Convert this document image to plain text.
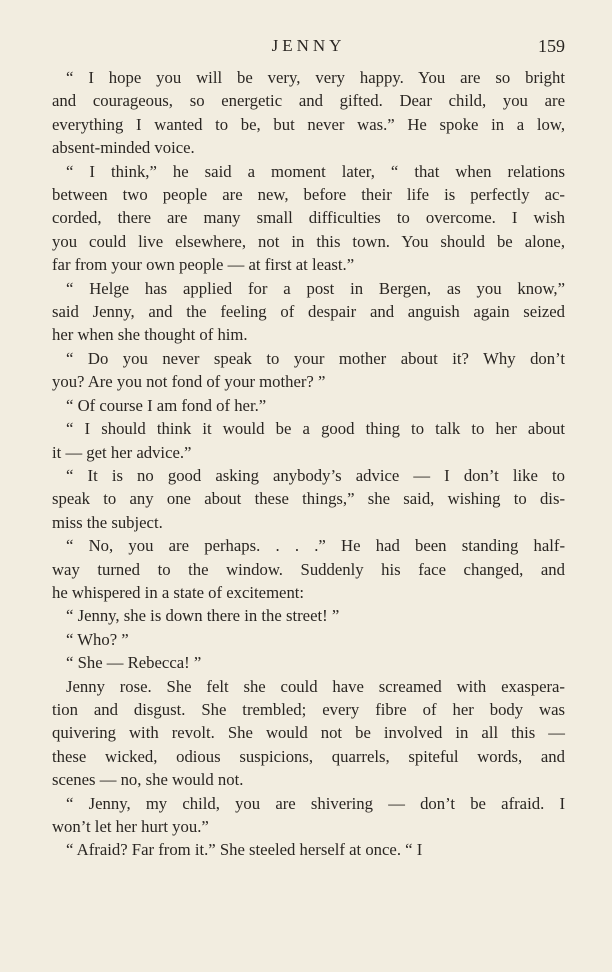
JENNY	159

“ I hope you will be very, very happy. You are so bright
and courageous, so energetic and gifted. Dear child, you are
everything I wanted to be, but never was.” He spoke in a low,
absent-minded voice.

“ I think,” he said a moment later, “ that when relations
between two people are new, before their life is perfectly ac-
corded, there are many small difficulties to overcome. I wish
you could live elsewhere, not in this town. You should be alone,
far from your own people — at first at least.”

“ Helge has applied for a post in Bergen, as you know,”
said Jenny, and the feeling of despair and anguish again seized
her when she thought of him.

“ Do you never speak to your mother about it? Why don’t
you? Are you not fond of your mother? ”

“ Of course I am fond of her.”

“ I should think it would be a good thing to talk to her about
it — get her advice.”

“ It is no good asking anybody’s advice — I don’t like to
speak to any one about these things,” she said, wishing to dis-
miss the subject.

“ No, you are perhaps. . . .” He had been standing half-
way turned to the window. Suddenly his face changed, and
he whispered in a state of excitement:

“ Jenny, she is down there in the street! ”

“ Who? ”

“ She — Rebecca! ”

Jenny rose. She felt she could have screamed with exaspera-
tion and disgust. She trembled; every fibre of her body was
quivering with revolt. She would not be involved in all this —
these wicked, odious suspicions, quarrels, spiteful words, and
scenes — no, she would not.

“ Jenny, my child, you are shivering — don’t be afraid. I
won’t let her hurt you.”

“ Afraid? Far from it.” She steeled herself at once. “ I
